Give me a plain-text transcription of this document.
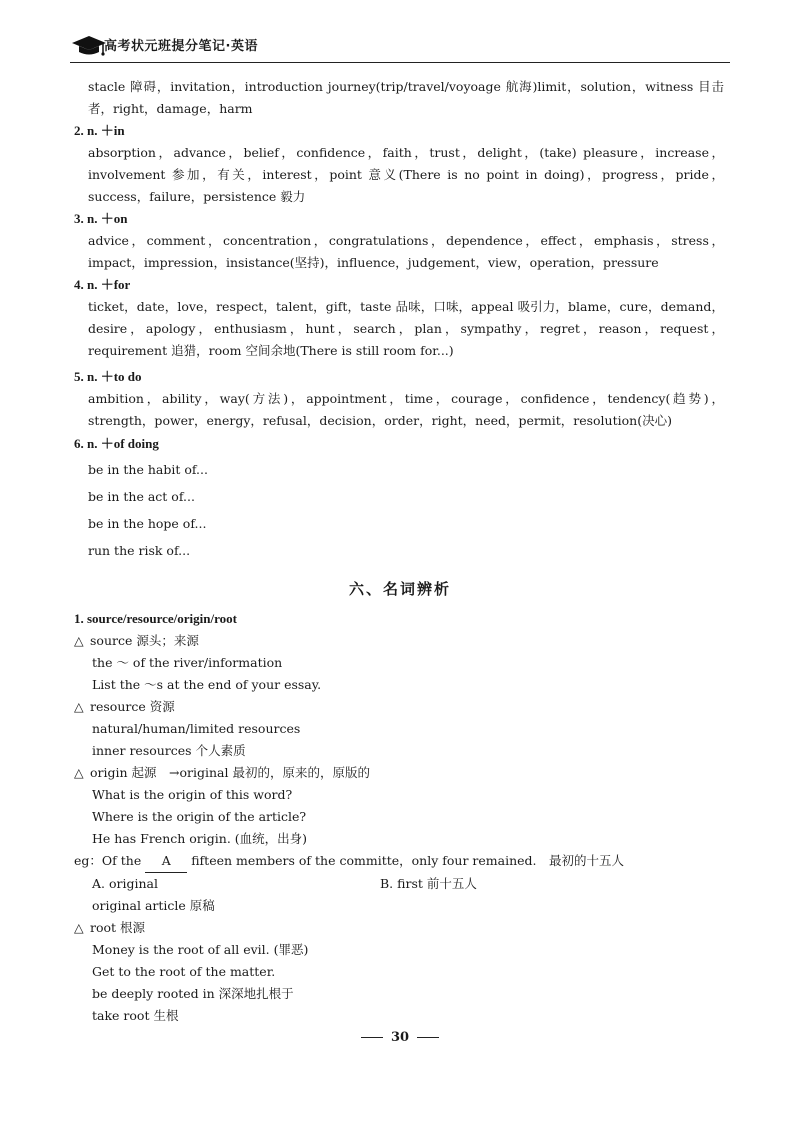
高考状元班提分笔记·英语

stacle 障碍，invitation，introduction journey(trip/travel/voyoage 航海)limit，solution，witness 目击者，right，damage，harm

2. n. ＋in

absorption，advance，belief，confidence，faith，trust，delight，(take) pleasure，increase，involvement 参加，有关，interest，point 意义(There is no point in doing)，progress，pride，success，failure，persistence 毅力

3. n. ＋on

advice，comment，concentration，congratulations，dependence，effect，emphasis，stress，impact，impression，insistance(坚持)，influence，judgement，view，operation，pressure

4. n. ＋for

ticket，date，love，respect，talent，gift，taste 品味，口味，appeal 吸引力，blame，cure，demand，desire，apology，enthusiasm，hunt，search，plan，sympathy，regret，reason，request，requirement 追猎，room 空间余地(There is still room for...)

5. n. ＋to do

ambition，ability，way(方法)，appointment，time，courage，confidence，tendency(趋势)，strength，power，energy，refusal，decision，order，right，need，permit，resolution(决心)

6. n. ＋of doing

be in the habit of...

be in the act of...

be in the hope of...

run the risk of...

六、名词辨析

1. source/resource/origin/root

△ source 源头；来源

the ～ of the river/information

List the ～s at the end of your essay.

△ resource 资源

natural/human/limited resources

inner resources 个人素质

△ origin 起源　→original 最初的，原来的，原版的

What is the origin of this word?

Where is the origin of the article?

He has French origin. (血统，出身)

eg：Of the A fifteen members of the committe，only four remained.　最初的十五人

A. original	B. first 前十五人

original article 原稿

△ root 根源

Money is the root of all evil. (罪恶)

Get to the root of the matter.

be deeply rooted in 深深地扎根于

take root 生根

30
